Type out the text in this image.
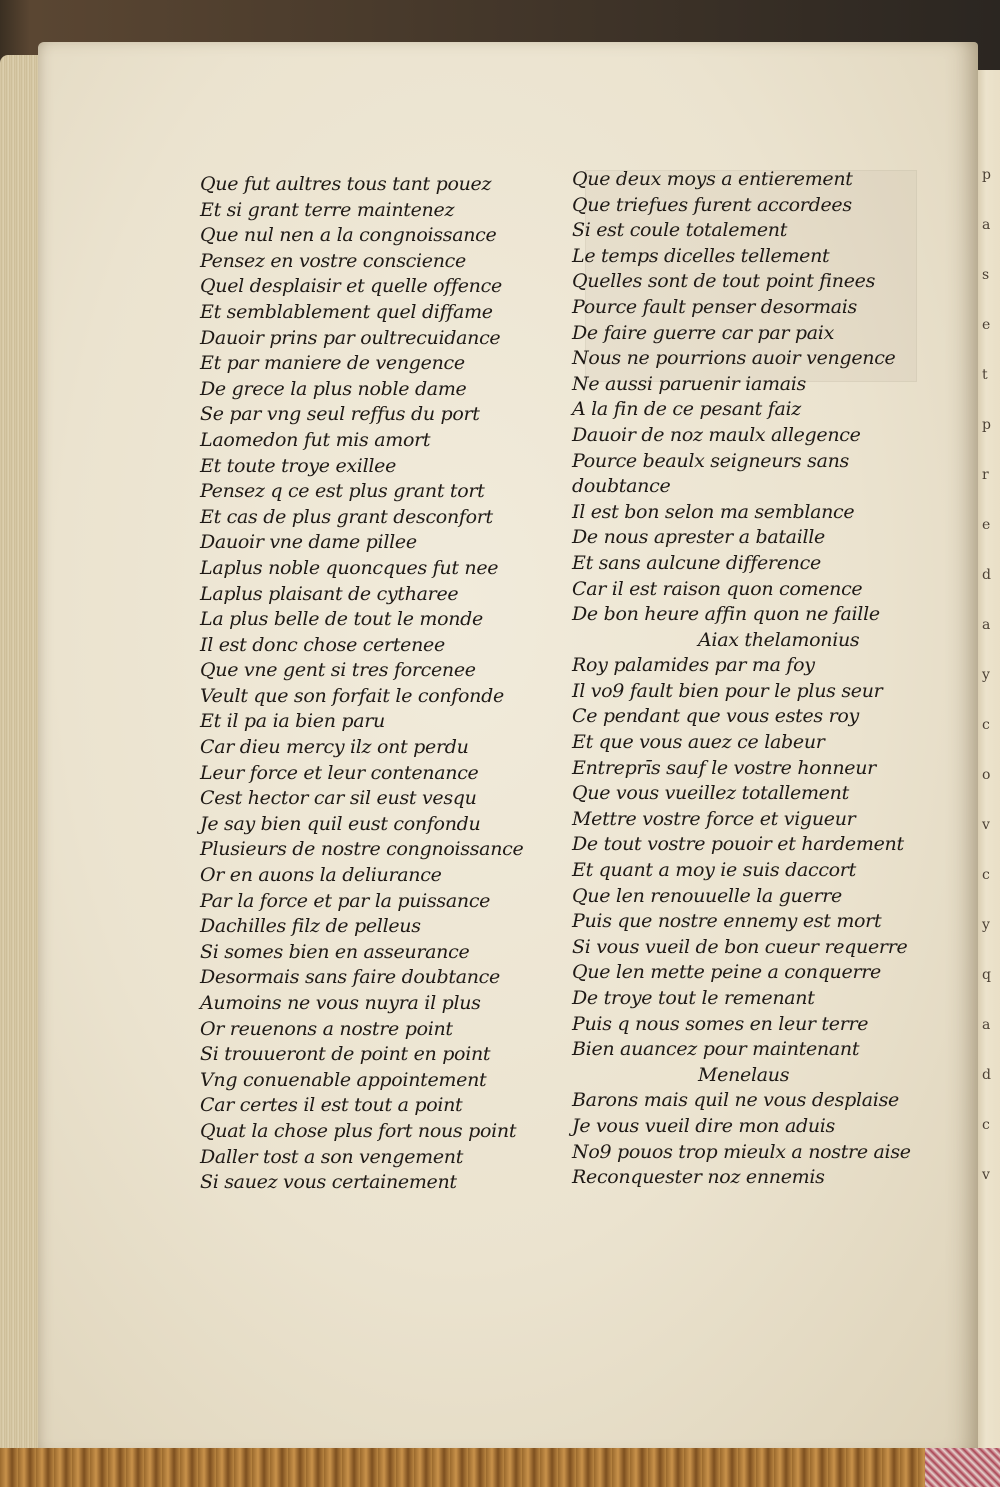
p
a
s
e
t
p
r
e
d
a
y
c
o
v
c
y
q
a
d
c
v
Que fut aultres tous tant pouez
Et si grant terre maintenez
Que nul nen a la congnoissance
Pensez en vostre conscience
Quel desplaisir et quelle offence
Et semblablement quel diffame
Dauoir prins par oultrecuidance
Et par maniere de vengence
De grece la plus noble dame
Se par vng seul reffus du port
Laomedon fut mis amort
Et toute troye exillee
Pensez q ce est plus grant tort
Et cas de plus grant desconfort
Dauoir vne dame pillee
Laplus noble quoncques fut nee
Laplus plaisant de cytharee
La plus belle de tout le monde
Il est donc chose certenee
Que vne gent si tres forcenee
Veult que son forfait le confonde
Et il pa ia bien paru
Car dieu mercy ilz ont perdu
Leur force et leur contenance
Cest hector car sil eust vesqu
Je say bien quil eust confondu
Plusieurs de nostre congnoissance
Or en auons la deliurance
Par la force et par la puissance
Dachilles filz de pelleus
Si somes bien en asseurance
Desormais sans faire doubtance
Aumoins ne vous nuyra il plus
Or reuenons a nostre point
Si trouueront de point en point
Vng conuenable appointement
Car certes il est tout a point
Quat la chose plus fort nous point
Daller tost a son vengement
Si sauez vous certainement
Que deux moys a entierement
Que triefues furent accordees
Si est coule totalement
Le temps dicelles tellement
Quelles sont de tout point finees
Pource fault penser desormais
De faire guerre car par paix
Nous ne pourrions auoir vengence
Ne aussi paruenir iamais
A la fin de ce pesant faiz
Dauoir de noz maulx allegence
Pource beaulx seigneurs sans
doubtance
Il est bon selon ma semblance
De nous aprester a bataille
Et sans aulcune difference
Car il est raison quon comence
De bon heure affin quon ne faille
Aiax thelamonius
Roy palamides par ma foy
Il vo9 fault bien pour le plus seur
Ce pendant que vous estes roy
Et que vous auez ce labeur
Entreprīs sauf le vostre honneur
Que vous vueillez totallement
Mettre vostre force et vigueur
De tout vostre pouoir et hardement
Et quant a moy ie suis daccort
Que len renouuelle la guerre
Puis que nostre ennemy est mort
Si vous vueil de bon cueur requerre
Que len mette peine a conquerre
De troye tout le remenant
Puis q nous somes en leur terre
Bien auancez pour maintenant
Menelaus
Barons mais quil ne vous desplaise
Je vous vueil dire mon aduis
No9 pouos trop mieulx a nostre aise
Reconquester noz ennemis
